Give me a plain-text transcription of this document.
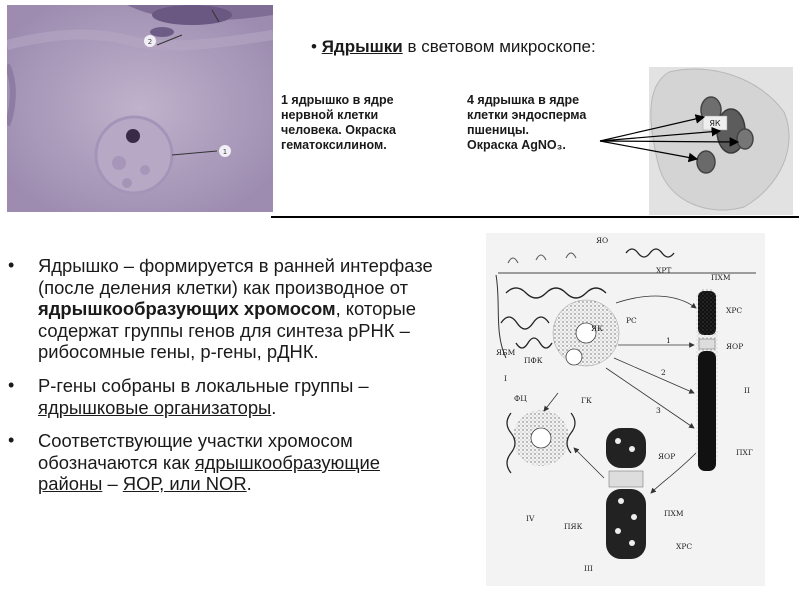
2
1
ЯК
• Ядрышки в световом микроскопе:
1 ядрышко в ядре
нервной клетки
человека. Окраска
гематоксилином.
4 ядрышка в ядре
клетки эндосперма
пшеницы.
Окраска AgNO₃.
• Ядрышко – формируется в ранней интерфазе (после деления клетки) как производное от ядрышкообразующих хромосом, которые содержат группы генов для синтеза рРНК – рибосомные гены, р-гены, рДНК.
• Р-гены собраны в локальные группы – ядрышковые организаторы.
• Соответствующие участки хромосом обозначаются как ядрышкообразующие районы – ЯОР, или NOR.
ЯО
ХРТ
ПХМ
ХРС
ЯК
РС
ЯБМ
ПФК
ЯОР
I
ФЦ	ГК
1
2
3
II
ПХГ
ЯОР
IV
ПЯК
ПХМ
ХРС
III
